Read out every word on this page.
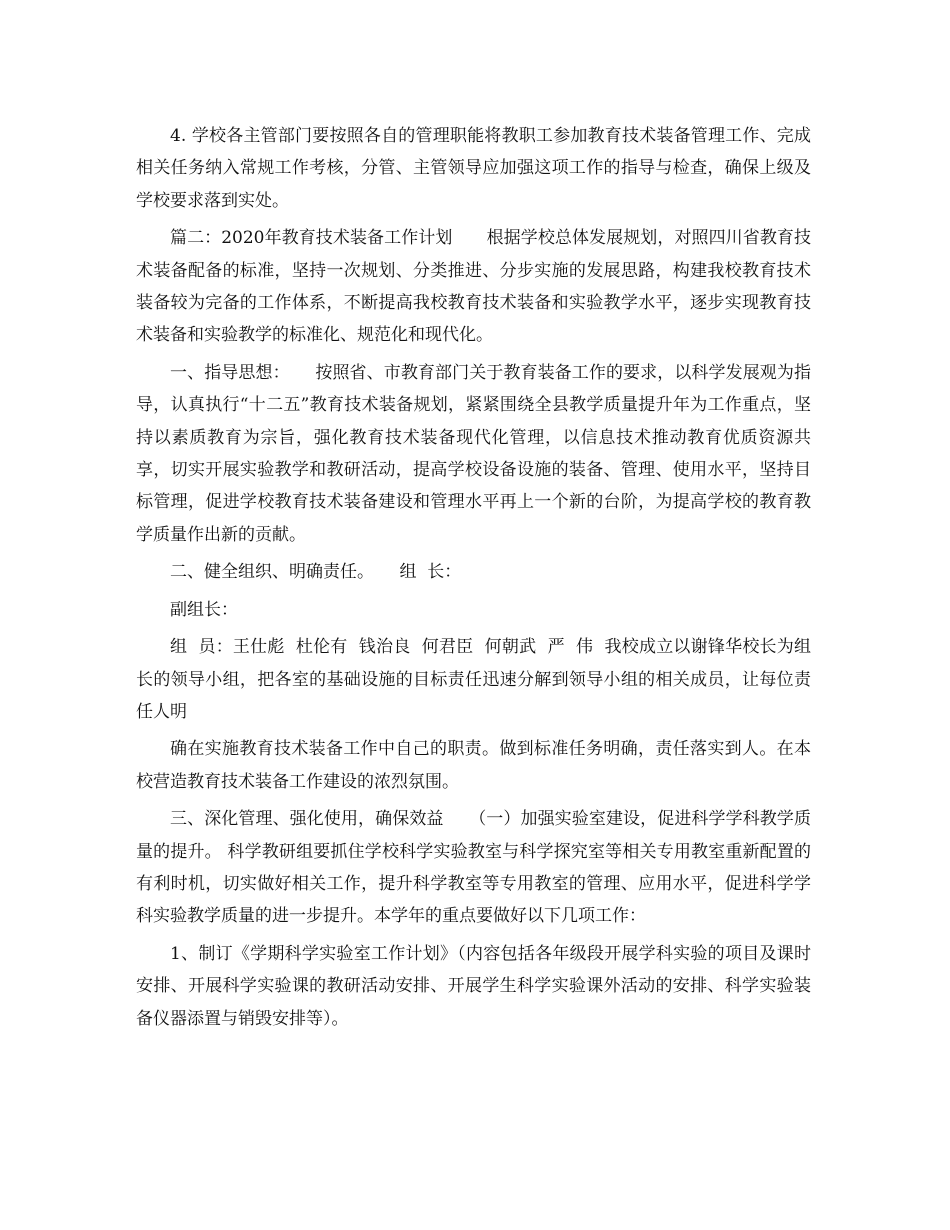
4. 学校各主管部门要按照各自的管理职能将教职工参加教育技术装备管理工作、完成相关任务纳入常规工作考核，分管、主管领导应加强这项工作的指导与检查，确保上级及学校要求落到实处。

篇二：2020年教育技术装备工作计划　　根据学校总体发展规划，对照四川省教育技术装备配备的标准，坚持一次规划、分类推进、分步实施的发展思路，构建我校教育技术装备较为完备的工作体系，不断提高我校教育技术装备和实验教学水平，逐步实现教育技术装备和实验教学的标准化、规范化和现代化。

一、指导思想：　　按照省、市教育部门关于教育装备工作的要求，以科学发展观为指导，认真执行“十二五”教育技术装备规划，紧紧围绕全县教学质量提升年为工作重点，坚持以素质教育为宗旨，强化教育技术装备现代化管理，以信息技术推动教育优质资源共享，切实开展实验教学和教研活动，提高学校设备设施的装备、管理、使用水平，坚持目标管理，促进学校教育技术装备建设和管理水平再上一个新的台阶，为提高学校的教育教学质量作出新的贡献。

二、健全组织、明确责任。　　组  长：

副组长：

组  员：王仕彪  杜伦有  钱治良  何君臣  何朝武  严  伟  我校成立以谢锋华校长为组长的领导小组，把各室的基础设施的目标责任迅速分解到领导小组的相关成员，让每位责任人明

确在实施教育技术装备工作中自己的职责。做到标准任务明确，责任落实到人。在本校营造教育技术装备工作建设的浓烈氛围。

三、深化管理、强化使用，确保效益　　（一）加强实验室建设，促进科学学科教学质量的提升。 科学教研组要抓住学校科学实验教室与科学探究室等相关专用教室重新配置的有利时机，切实做好相关工作，提升科学教室等专用教室的管理、应用水平，促进科学学科实验教学质量的进一步提升。本学年的重点要做好以下几项工作：

1、制订《学期科学实验室工作计划》（内容包括各年级段开展学科实验的项目及课时安排、开展科学实验课的教研活动安排、开展学生科学实验课外活动的安排、科学实验装备仪器添置与销毁安排等）。
